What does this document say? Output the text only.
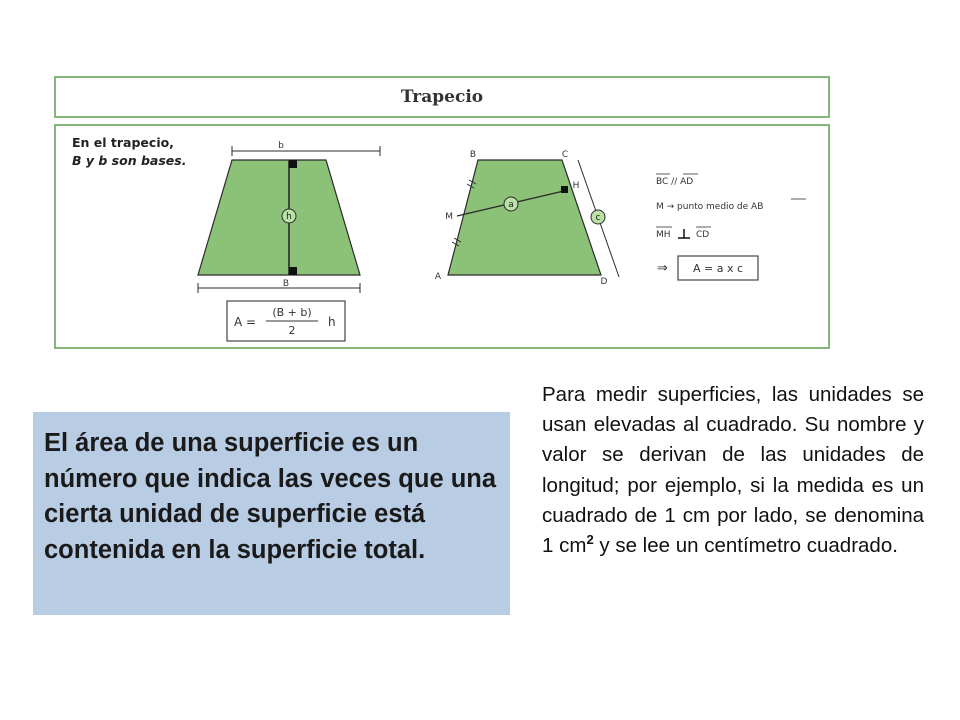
Trapecio
En el trapecio,
B y b son bases.
b
h
B
A =
(B + b)
2
h
a
c
B	C
A	D
M
H	BC // AD
M → punto medio de AB
MH	CD
⇒ A = a x c

El área de una superficie es un número que indica las veces que una cierta unidad de superficie está contenida en la superficie total.

Para medir superficies, las unidades se usan elevadas al cuadrado. Su nombre y valor se derivan de las unidades de longitud; por ejemplo, si la medida es un cuadrado de 1 cm por lado, se denomina 1 $cm^2$ y se lee un centímetro cuadrado.
